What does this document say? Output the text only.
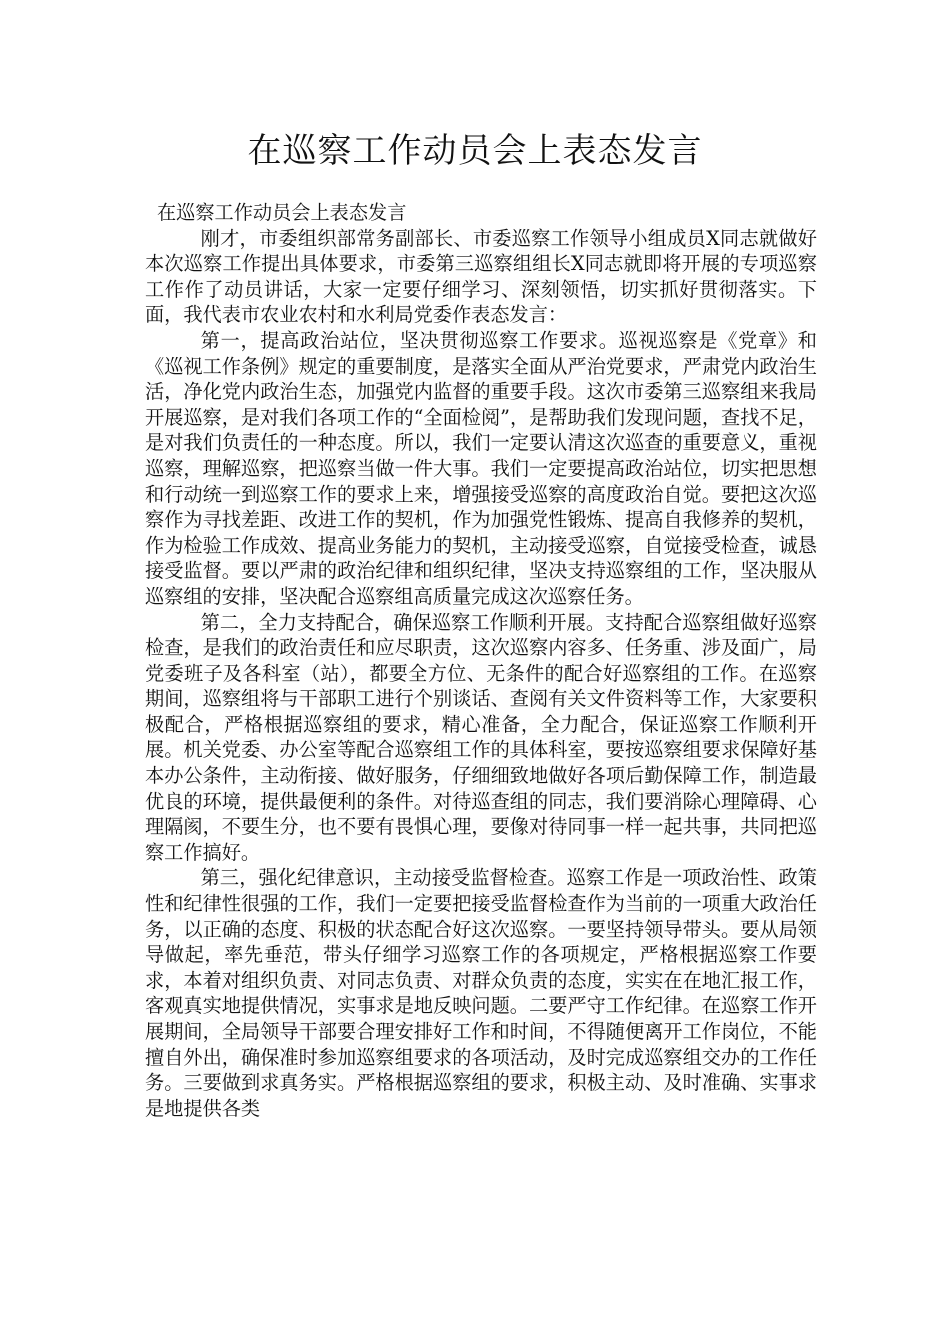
在巡察工作动员会上表态发言

在巡察工作动员会上表态发言

刚才，市委组织部常务副部长、市委巡察工作领导小组成员X同志就做好本次巡察工作提出具体要求，市委第三巡察组组长X同志就即将开展的专项巡察工作作了动员讲话，大家一定要仔细学习、深刻领悟，切实抓好贯彻落实。下面，我代表市农业农村和水利局党委作表态发言：

第一，提高政治站位，坚决贯彻巡察工作要求。巡视巡察是《党章》和《巡视工作条例》规定的重要制度，是落实全面从严治党要求，严肃党内政治生活，净化党内政治生态，加强党内监督的重要手段。这次市委第三巡察组来我局开展巡察，是对我们各项工作的“全面检阅”，是帮助我们发现问题，查找不足，是对我们负责任的一种态度。所以，我们一定要认清这次巡查的重要意义，重视巡察，理解巡察，把巡察当做一件大事。我们一定要提高政治站位，切实把思想和行动统一到巡察工作的要求上来，增强接受巡察的高度政治自觉。要把这次巡察作为寻找差距、改进工作的契机，作为加强党性锻炼、提高自我修养的契机，作为检验工作成效、提高业务能力的契机，主动接受巡察，自觉接受检查，诚恳接受监督。要以严肃的政治纪律和组织纪律，坚决支持巡察组的工作，坚决服从巡察组的安排，坚决配合巡察组高质量完成这次巡察任务。

第二，全力支持配合，确保巡察工作顺利开展。支持配合巡察组做好巡察检查，是我们的政治责任和应尽职责，这次巡察内容多、任务重、涉及面广，局党委班子及各科室（站），都要全方位、无条件的配合好巡察组的工作。在巡察期间，巡察组将与干部职工进行个别谈话、查阅有关文件资料等工作，大家要积极配合，严格根据巡察组的要求，精心准备，全力配合，保证巡察工作顺利开展。机关党委、办公室等配合巡察组工作的具体科室，要按巡察组要求保障好基本办公条件，主动衔接、做好服务，仔细细致地做好各项后勤保障工作，制造最优良的环境，提供最便利的条件。对待巡查组的同志，我们要消除心理障碍、心理隔阂，不要生分，也不要有畏惧心理，要像对待同事一样一起共事，共同把巡察工作搞好。

第三，强化纪律意识，主动接受监督检查。巡察工作是一项政治性、政策性和纪律性很强的工作，我们一定要把接受监督检查作为当前的一项重大政治任务，以正确的态度、积极的状态配合好这次巡察。一要坚持领导带头。要从局领导做起，率先垂范，带头仔细学习巡察工作的各项规定，严格根据巡察工作要求，本着对组织负责、对同志负责、对群众负责的态度，实实在在地汇报工作，客观真实地提供情况，实事求是地反映问题。二要严守工作纪律。在巡察工作开展期间，全局领导干部要合理安排好工作和时间，不得随便离开工作岗位，不能擅自外出，确保准时参加巡察组要求的各项活动，及时完成巡察组交办的工作任务。三要做到求真务实。严格根据巡察组的要求，积极主动、及时准确、实事求是地提供各类
